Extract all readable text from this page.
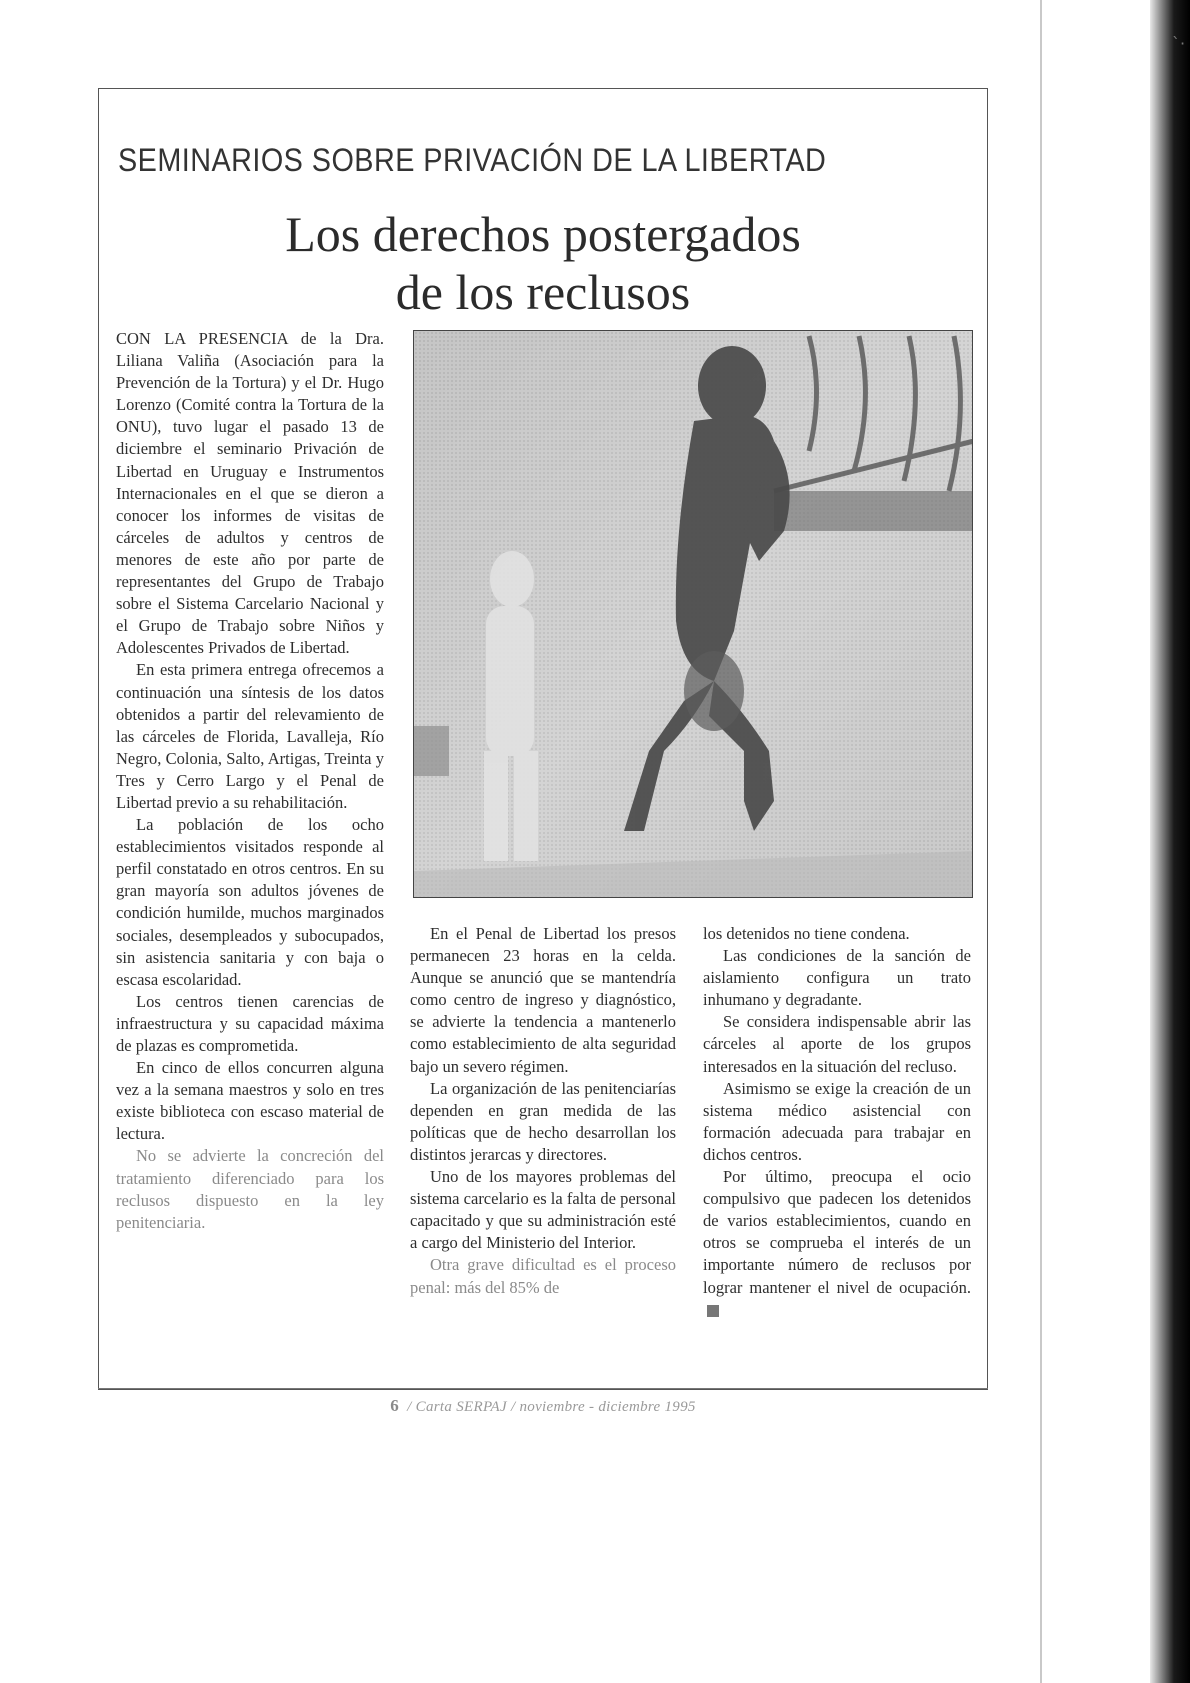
ˋ·
SEMINARIOS SOBRE PRIVACIÓN DE LA LIBERTAD
Los derechos postergados
de los reclusos

CON LA PRESENCIA de la Dra. Liliana Valiña (Asociación para la Prevención de la Tortura) y el Dr. Hugo Lorenzo (Comité contra la Tortura de la ONU), tuvo lugar el pasado 13 de diciembre el seminario Privación de Libertad en Uruguay e Instrumentos Internacionales en el que se dieron a conocer los informes de visitas de cárceles de adultos y centros de menores de este año por parte de representantes del Grupo de Trabajo sobre el Sistema Carcelario Nacional y el Grupo de Trabajo sobre Niños y Adolescentes Privados de Libertad.

En esta primera entrega ofrecemos a continuación una síntesis de los datos obtenidos a partir del relevamiento de las cárceles de Florida, Lavalleja, Río Negro, Colonia, Salto, Artigas, Treinta y Tres y Cerro Largo y el Penal de Libertad previo a su rehabilitación.

La población de los ocho establecimientos visitados responde al perfil constatado en otros centros. En su gran mayoría son adultos jóvenes de condición humilde, muchos marginados sociales, desempleados y subocupados, sin asistencia sanitaria y con baja o escasa escolaridad.

Los centros tienen carencias de infraestructura y su capacidad máxima de plazas es comprometida.

En cinco de ellos concurren alguna vez a la semana maestros y solo en tres existe biblioteca con escaso material de lectura.

No se advierte la concreción del tratamiento diferenciado para los reclusos dispuesto en la ley penitenciaria.

En el Penal de Libertad los presos permanecen 23 horas en la celda. Aunque se anunció que se mantendría como centro de ingreso y diagnóstico, se advierte la tendencia a mantenerlo como establecimiento de alta seguridad bajo un severo régimen.

La organización de las penitenciarías dependen en gran medida de las políticas que de hecho desarrollan los distintos jerarcas y directores.

Uno de los mayores problemas del sistema carcelario es la falta de personal capacitado y que su administración esté a cargo del Ministerio del Interior.

Otra grave dificultad es el proceso penal: más del 85% de

los detenidos no tiene condena.

Las condiciones de la sanción de aislamiento configura un trato inhumano y degradante.

Se considera indispensable abrir las cárceles al aporte de los grupos interesados en la situación del recluso.

Asimismo se exige la creación de un sistema médico asistencial con formación adecuada para trabajar en dichos centros.

Por último, preocupa el ocio compulsivo que padecen los detenidos de varios establecimientos, cuando en otros se comprueba el interés de un importante número de reclusos por lograr mantener el nivel de ocupación.

6 / Carta SERPAJ / noviembre - diciembre 1995
